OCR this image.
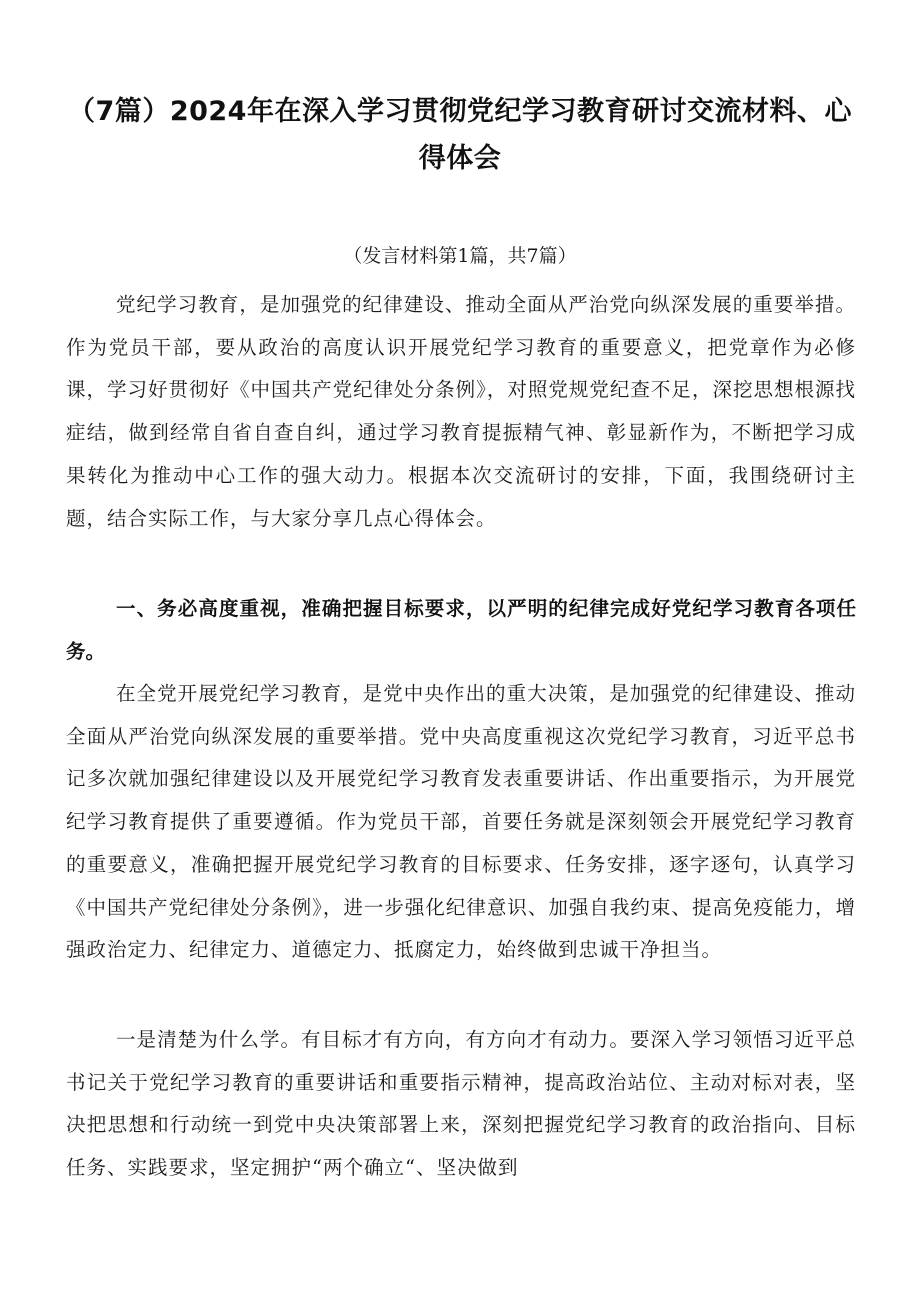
（7篇）2024年在深入学习贯彻党纪学习教育研讨交流材料、心得体会
（发言材料第1篇，共7篇）

党纪学习教育，是加强党的纪律建设、推动全面从严治党向纵深发展的重要举措。作为党员干部，要从政治的高度认识开展党纪学习教育的重要意义，把党章作为必修课，学习好贯彻好《中国共产党纪律处分条例》，对照党规党纪查不足，深挖思想根源找症结，做到经常自省自查自纠，通过学习教育提振精气神、彰显新作为，不断把学习成果转化为推动中心工作的强大动力。根据本次交流研讨的安排，下面，我围绕研讨主题，结合实际工作，与大家分享几点心得体会。

一、务必高度重视，准确把握目标要求，以严明的纪律完成好党纪学习教育各项任务。

在全党开展党纪学习教育，是党中央作出的重大决策，是加强党的纪律建设、推动全面从严治党向纵深发展的重要举措。党中央高度重视这次党纪学习教育，习近平总书记多次就加强纪律建设以及开展党纪学习教育发表重要讲话、作出重要指示，为开展党纪学习教育提供了重要遵循。作为党员干部，首要任务就是深刻领会开展党纪学习教育的重要意义，准确把握开展党纪学习教育的目标要求、任务安排，逐字逐句，认真学习《中国共产党纪律处分条例》，进一步强化纪律意识、加强自我约束、提高免疫能力，增强政治定力、纪律定力、道德定力、抵腐定力，始终做到忠诚干净担当。

一是清楚为什么学。有目标才有方向，有方向才有动力。要深入学习领悟习近平总书记关于党纪学习教育的重要讲话和重要指示精神，提高政治站位、主动对标对表，坚决把思想和行动统一到党中央决策部署上来，深刻把握党纪学习教育的政治指向、目标任务、实践要求，坚定拥护“两个确立“、坚决做到
